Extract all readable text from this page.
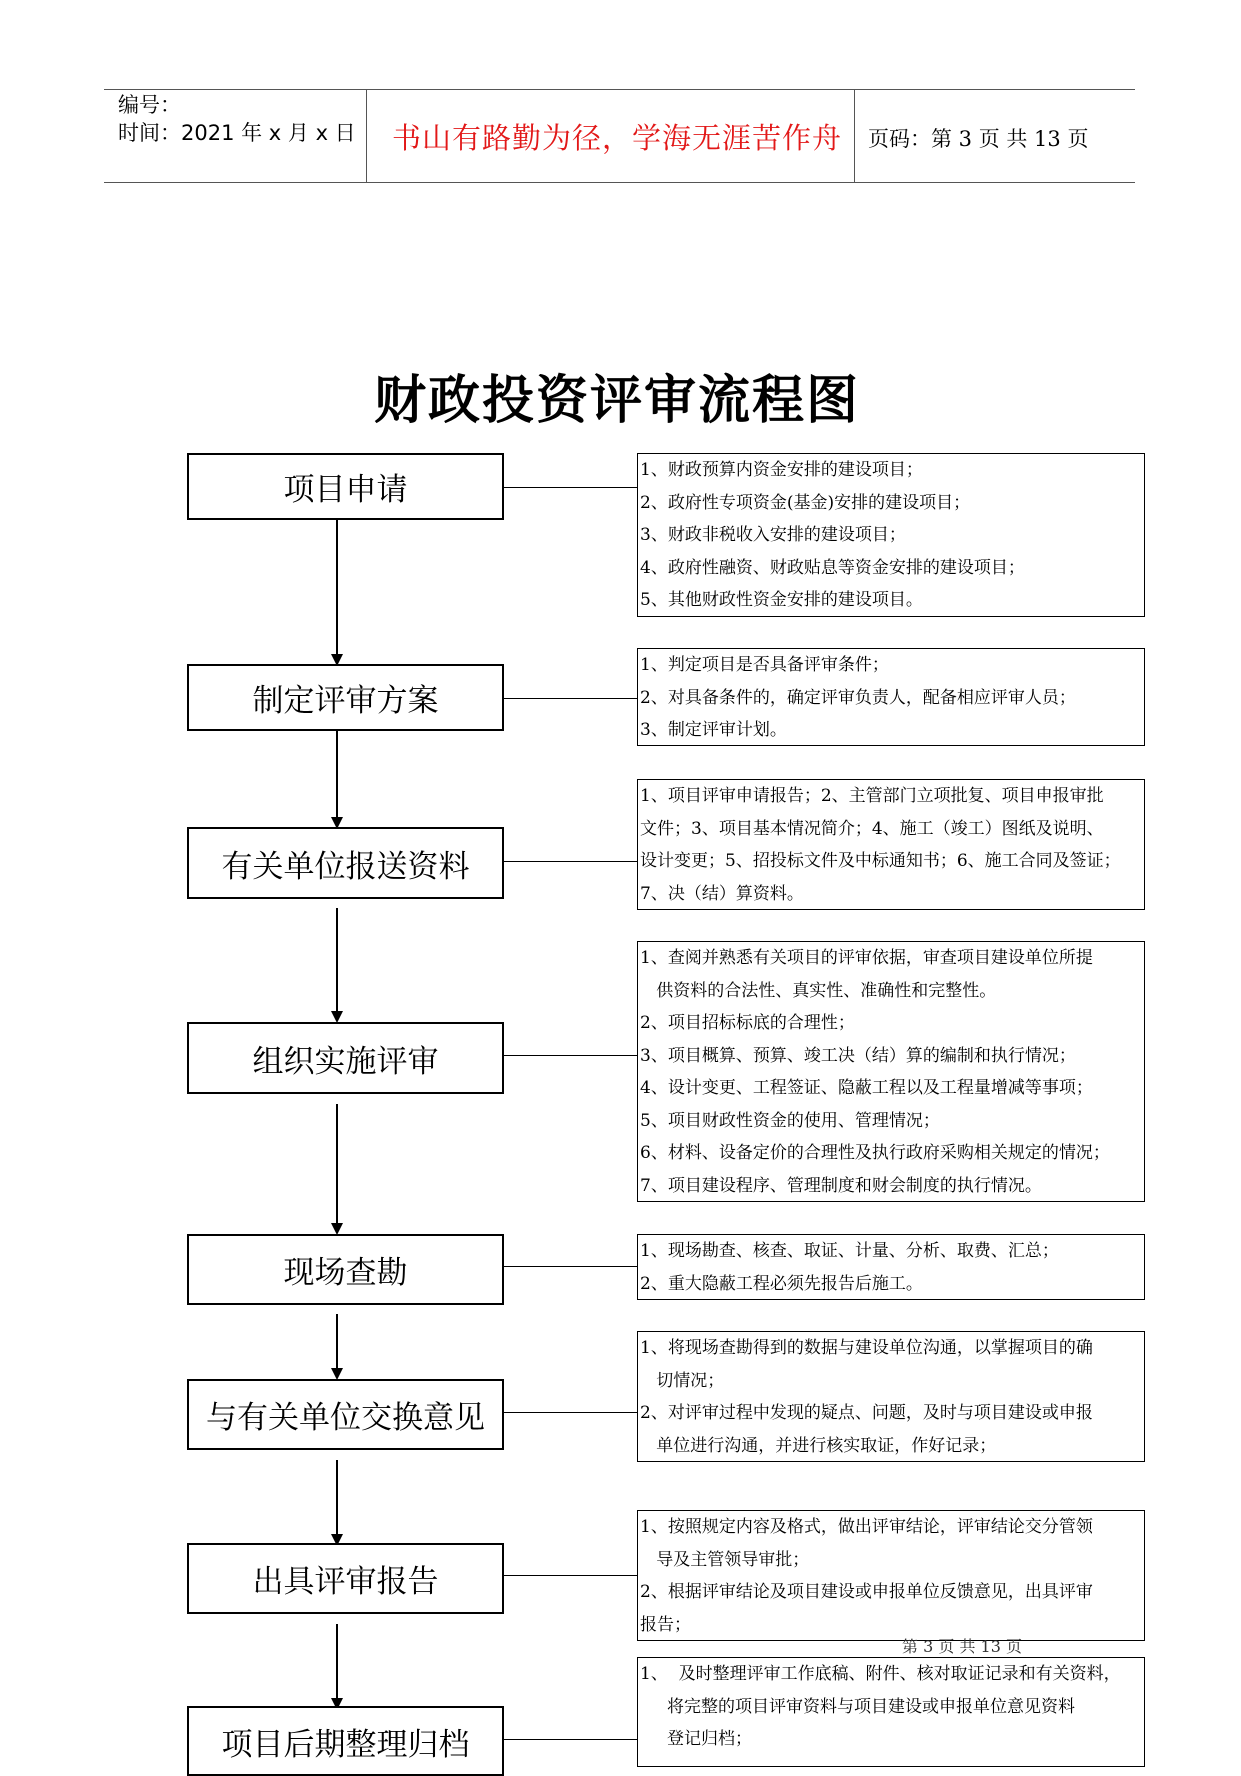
编号：
时间：2021 年 x 月 x 日 书山有路勤为径，学海无涯苦作舟 页码：第 3 页 共 13 页
财政投资评审流程图
项目申请
制定评审方案
有关单位报送资料
组织实施评审
现场查勘
与有关单位交换意见
出具评审报告
项目后期整理归档
1、财政预算内资金安排的建设项目；
2、政府性专项资金(基金)安排的建设项目；
3、财政非税收入安排的建设项目；
4、政府性融资、财政贴息等资金安排的建设项目；
5、其他财政性资金安排的建设项目。
1、判定项目是否具备评审条件；
2、对具备条件的，确定评审负责人，配备相应评审人员；
3、制定评审计划。
1、项目评审申请报告；2、主管部门立项批复、项目申报审批
文件；3、项目基本情况简介；4、施工（竣工）图纸及说明、
设计变更；5、招投标文件及中标通知书；6、施工合同及签证；
7、决（结）算资料。
1、查阅并熟悉有关项目的评审依据，审查项目建设单位所提
供资料的合法性、真实性、准确性和完整性。
2、项目招标标底的合理性；
3、项目概算、预算、竣工决（结）算的编制和执行情况；
4、设计变更、工程签证、隐蔽工程以及工程量增减等事项；
5、项目财政性资金的使用、管理情况；
6、材料、设备定价的合理性及执行政府采购相关规定的情况；
7、项目建设程序、管理制度和财会制度的执行情况。
1、现场勘查、核查、取证、计量、分析、取费、汇总；
2、重大隐蔽工程必须先报告后施工。
1、将现场查勘得到的数据与建设单位沟通，以掌握项目的确
切情况；
2、对评审过程中发现的疑点、问题，及时与项目建设或申报
单位进行沟通，并进行核实取证，作好记录；
1、按照规定内容及格式，做出评审结论，评审结论交分管领
导及主管领导审批；
2、根据评审结论及项目建设或申报单位反馈意见，出具评审
报告；
第 3 页 共 13 页
1、  及时整理评审工作底稿、附件、核对取证记录和有关资料，
将完整的项目评审资料与项目建设或申报单位意见资料
登记归档；
